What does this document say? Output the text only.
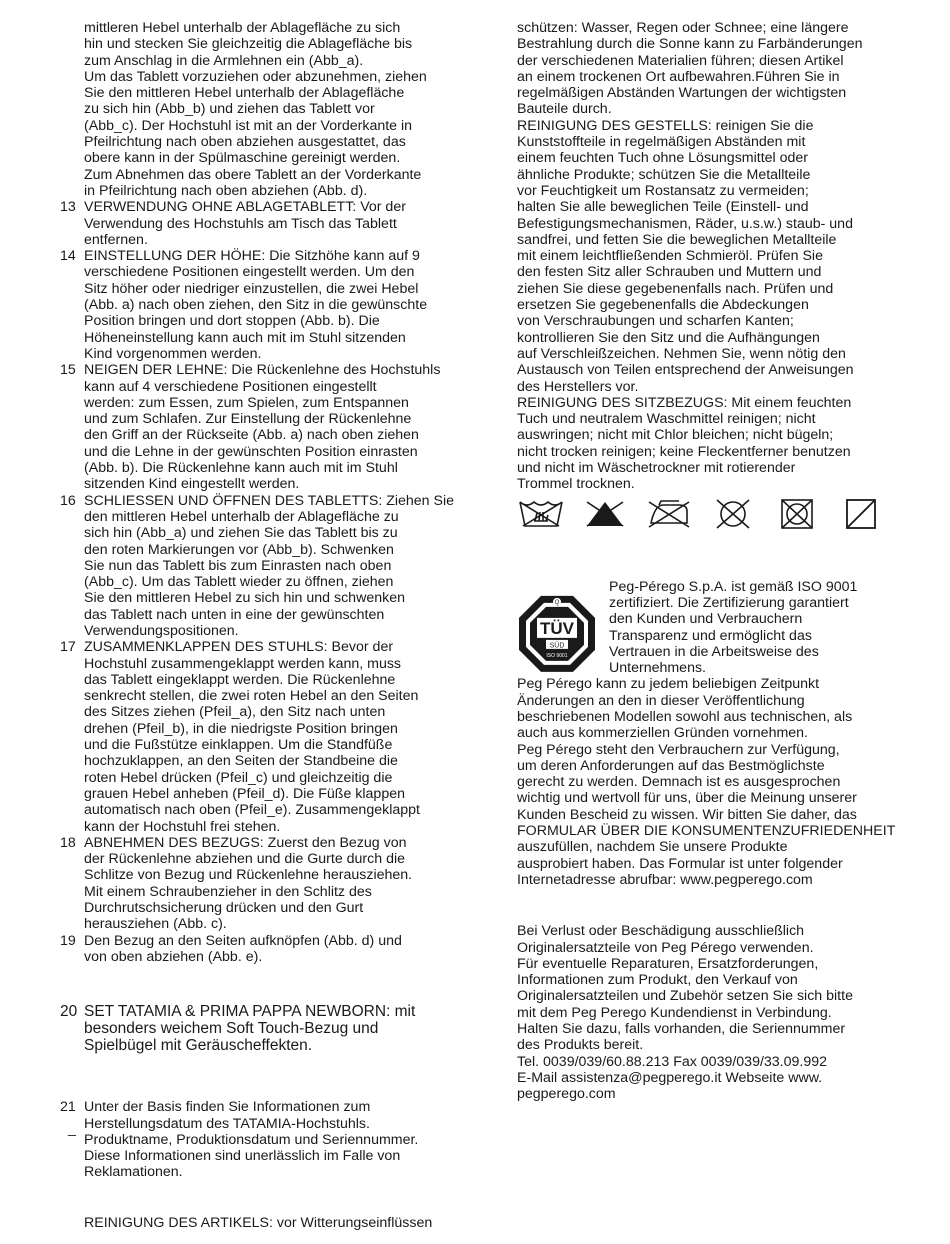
mittleren Hebel unterhalb der Ablagefläche zu sich
hin und stecken Sie gleichzeitig die Ablagefläche bis
zum Anschlag in die Armlehnen ein (Abb_a).
Um das Tablett vorzuziehen oder abzunehmen, ziehen
Sie den mittleren Hebel unterhalb der Ablagefläche
zu sich hin (Abb_b) und ziehen das Tablett vor
(Abb_c). Der Hochstuhl ist mit an der Vorderkante in
Pfeilrichtung nach oben abziehen ausgestattet, das
obere kann in der Spülmaschine gereinigt werden.
Zum Abnehmen das obere Tablett an der Vorderkante
in Pfeilrichtung nach oben abziehen (Abb. d).

13 VERWENDUNG OHNE ABLAGETABLETT: Vor der
Verwendung des Hochstuhls am Tisch das Tablett
entfernen.

14 EINSTELLUNG DER HÖHE: Die Sitzhöhe kann auf 9
verschiedene Positionen eingestellt werden. Um den
Sitz höher oder niedriger einzustellen, die zwei Hebel
(Abb. a) nach oben ziehen, den Sitz in die gewünschte
Position bringen und dort stoppen (Abb. b). Die
Höheneinstellung kann auch mit im Stuhl sitzenden
Kind vorgenommen werden.

15 NEIGEN DER LEHNE: Die Rückenlehne des Hochstuhls
kann auf 4 verschiedene Positionen eingestellt
werden: zum Essen, zum Spielen, zum Entspannen
und zum Schlafen. Zur Einstellung der Rückenlehne
den Griff an der Rückseite (Abb. a) nach oben ziehen
und die Lehne in der gewünschten Position einrasten
(Abb. b). Die Rückenlehne kann auch mit im Stuhl
sitzenden Kind eingestellt werden.

16 SCHLIESSEN UND ÖFFNEN DES TABLETTS: Ziehen Sie
den mittleren Hebel unterhalb der Ablagefläche zu
sich hin (Abb_a) und ziehen Sie das Tablett bis zu
den roten Markierungen vor (Abb_b). Schwenken
Sie nun das Tablett bis zum Einrasten nach oben
(Abb_c). Um das Tablett wieder zu öffnen, ziehen
Sie den mittleren Hebel zu sich hin und schwenken
das Tablett nach unten in eine der gewünschten
Verwendungspositionen.

17 ZUSAMMENKLAPPEN DES STUHLS: Bevor der
Hochstuhl zusammengeklappt werden kann, muss
das Tablett eingeklappt werden. Die Rückenlehne
senkrecht stellen, die zwei roten Hebel an den Seiten
des Sitzes ziehen (Pfeil_a), den Sitz nach unten
drehen (Pfeil_b), in die niedrigste Position bringen
und die Fußstütze einklappen. Um die Standfüße
hochzuklappen, an den Seiten der Standbeine die
roten Hebel drücken (Pfeil_c) und gleichzeitig die
grauen Hebel anheben (Pfeil_d). Die Füße klappen
automatisch nach oben (Pfeil_e). Zusammengeklappt
kann der Hochstuhl frei stehen.

18 ABNEHMEN DES BEZUGS: Zuerst den Bezug von
der Rückenlehne abziehen und die Gurte durch die
Schlitze von Bezug und Rückenlehne herausziehen.
Mit einem Schraubenzieher in den Schlitz des
Durchrutschsicherung drücken und den Gurt
herausziehen (Abb. c).

19 Den Bezug an den Seiten aufknöpfen (Abb. d) und
von oben abziehen (Abb. e).

20 SET TATAMIA & PRIMA PAPPA NEWBORN: mit
besonders weichem Soft Touch-Bezug und
Spielbügel mit Geräuscheffekten.

21
_

Unter der Basis finden Sie Informationen zum
Herstellungsdatum des TATAMIA-Hochstuhls.
Produktname, Produktionsdatum und Seriennummer.
Diese Informationen sind unerlässlich im Falle von
Reklamationen.

REINIGUNG DES ARTIKELS: vor Witterungseinflüssen

schützen: Wasser, Regen oder Schnee; eine längere
Bestrahlung durch die Sonne kann zu Farbänderungen
der verschiedenen Materialien führen; diesen Artikel
an einem trockenen Ort aufbewahren.Führen Sie in
regelmäßigen Abständen Wartungen der wichtigsten
Bauteile durch.
REINIGUNG DES GESTELLS: reinigen Sie die
Kunststoffteile in regelmäßigen Abständen mit
einem feuchten Tuch ohne Lösungsmittel oder
ähnliche Produkte; schützen Sie die Metallteile
vor Feuchtigkeit um Rostansatz zu vermeiden;
halten Sie alle beweglichen Teile (Einstell- und
Befestigungsmechanismen, Räder, u.s.w.) staub- und
sandfrei, und fetten Sie die beweglichen Metallteile
mit einem leichtfließenden Schmieröl. Prüfen Sie
den festen Sitz aller Schrauben und Muttern und
ziehen Sie diese gegebenenfalls nach. Prüfen und
ersetzen Sie gegebenenfalls die Abdeckungen
von Verschraubungen und scharfen Kanten;
kontrollieren Sie den Sitz und die Aufhängungen
auf Verschleißzeichen. Nehmen Sie, wenn nötig den
Austausch von Teilen entsprechend der Anweisungen
des Herstellers vor.
REINIGUNG DES SITZBEZUGS: Mit einem feuchten
Tuch und neutralem Waschmittel reinigen; nicht
auswringen; nicht mit Chlor bleichen; nicht bügeln;
nicht trocken reinigen; keine Fleckentferner benutzen
und nicht im Wäschetrockner mit rotierender
Trommel trocknen.

Q
TÜV
SÜD
ISO 9001

Peg-Pérego S.p.A. ist gemäß ISO 9001
zertifiziert. Die Zertifizierung garantiert
den Kunden und Verbrauchern
Transparenz und ermöglicht das
Vertrauen in die Arbeitsweise des
Unternehmens.

Peg Pérego kann zu jedem beliebigen Zeitpunkt
Änderungen an den in dieser Veröffentlichung
beschriebenen Modellen sowohl aus technischen, als
auch aus kommerziellen Gründen vornehmen.
Peg Pérego steht den Verbrauchern zur Verfügung,
um deren Anforderungen auf das Bestmöglichste
gerecht zu werden. Demnach ist es ausgesprochen
wichtig und wertvoll für uns, über die Meinung unserer
Kunden Bescheid zu wissen. Wir bitten Sie daher, das
FORMULAR ÜBER DIE KONSUMENTENZUFRIEDENHEIT
auszufüllen, nachdem Sie unsere Produkte
ausprobiert haben. Das Formular ist unter folgender
Internetadresse abrufbar: www.pegperego.com

Bei Verlust oder Beschädigung ausschließlich
Originalersatzteile von Peg Pérego verwenden.
Für eventuelle Reparaturen, Ersatzforderungen,
Informationen zum Produkt, den Verkauf von
Originalersatzteilen und Zubehör setzen Sie sich bitte
mit dem Peg Perego Kundendienst in Verbindung.
Halten Sie dazu, falls vorhanden, die Seriennummer
des Produkts bereit.
Tel. 0039/039/60.88.213 Fax 0039/039/33.09.992
E-Mail assistenza@pegperego.it Webseite www.
pegperego.com
